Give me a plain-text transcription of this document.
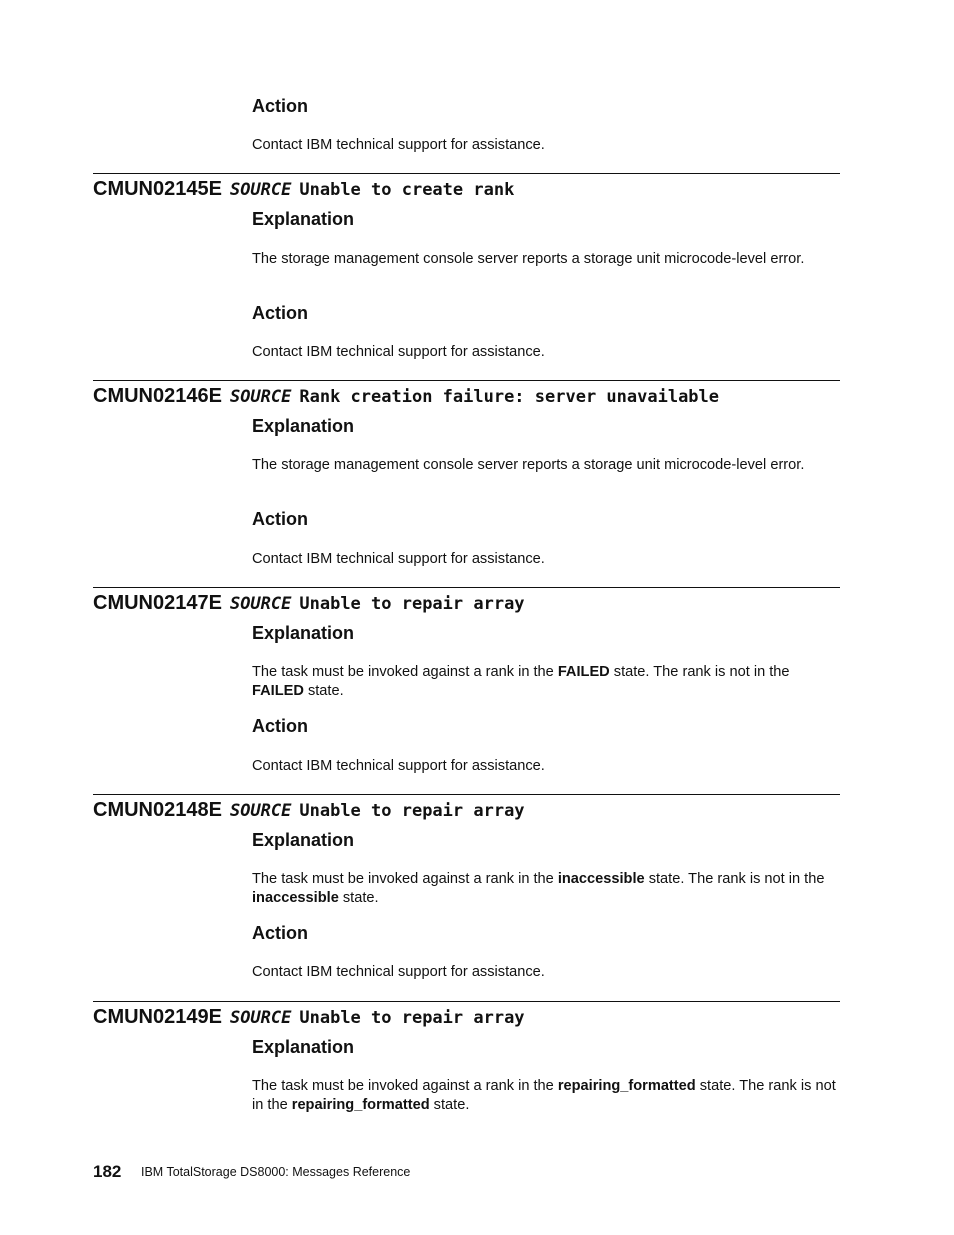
Action

Contact IBM technical support for assistance.

CMUN02145E SOURCE Unable to create rank
Explanation

The storage management console server reports a storage unit microcode-level error.

Action

Contact IBM technical support for assistance.

CMUN02146E SOURCE Rank creation failure: server unavailable
Explanation

The storage management console server reports a storage unit microcode-level error.

Action

Contact IBM technical support for assistance.

CMUN02147E SOURCE Unable to repair array
Explanation

The task must be invoked against a rank in the FAILED state. The rank is not in the FAILED state.

Action

Contact IBM technical support for assistance.

CMUN02148E SOURCE Unable to repair array
Explanation

The task must be invoked against a rank in the inaccessible state. The rank is not in the inaccessible state.

Action

Contact IBM technical support for assistance.

CMUN02149E SOURCE Unable to repair array
Explanation

The task must be invoked against a rank in the repairing_formatted state. The rank is not in the repairing_formatted state.

182 IBM TotalStorage DS8000: Messages Reference
